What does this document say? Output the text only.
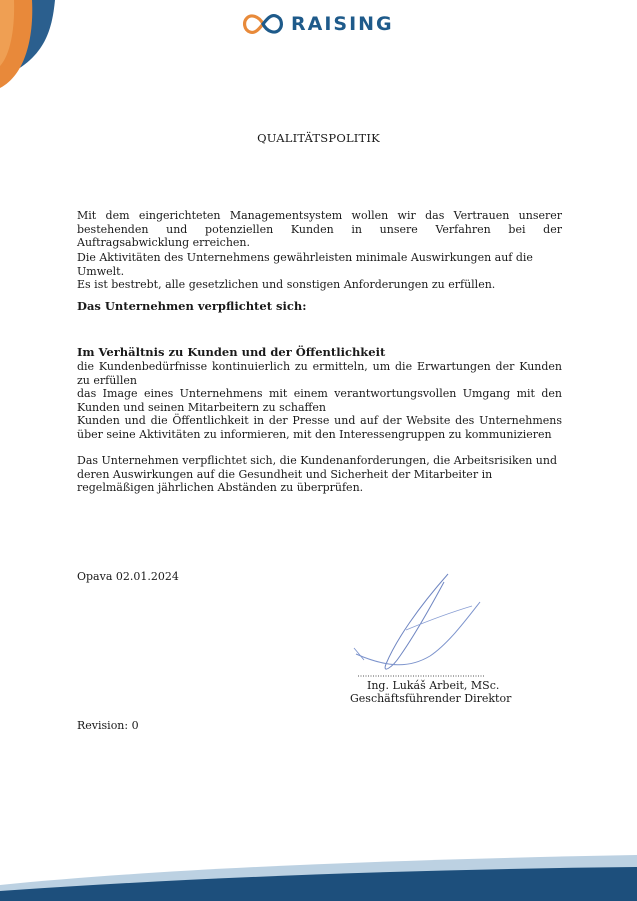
RAISING
QUALITÄTSPOLITIK
Mit dem eingerichteten Managementsystem wollen wir das Vertrauen unserer bestehenden und potenziellen Kunden in unsere Verfahren bei der Auftragsabwicklung erreichen.
Die Aktivitäten des Unternehmens gewährleisten minimale Auswirkungen auf die Umwelt.
Es ist bestrebt, alle gesetzlichen und sonstigen Anforderungen zu erfüllen.
Das Unternehmen verpflichtet sich:
Im Verhältnis zu Kunden und der Öffentlichkeit
die Kundenbedürfnisse kontinuierlich zu ermitteln, um die Erwartungen der Kunden zu erfüllen
das Image eines Unternehmens mit einem verantwortungsvollen Umgang mit den Kunden und seinen Mitarbeitern zu schaffen
Kunden und die Öffentlichkeit in der Presse und auf der Website des Unternehmens über seine Aktivitäten zu informieren, mit den Interessengruppen zu kommunizieren
Das Unternehmen verpflichtet sich, die Kundenanforderungen, die Arbeitsrisiken und deren Auswirkungen auf die Gesundheit und Sicherheit der Mitarbeiter in regelmäßigen jährlichen Abständen zu überprüfen.
Opava 02.01.2024
Ing. Lukáš Arbeit, MSc.
Geschäftsführender Direktor
Revision: 0
